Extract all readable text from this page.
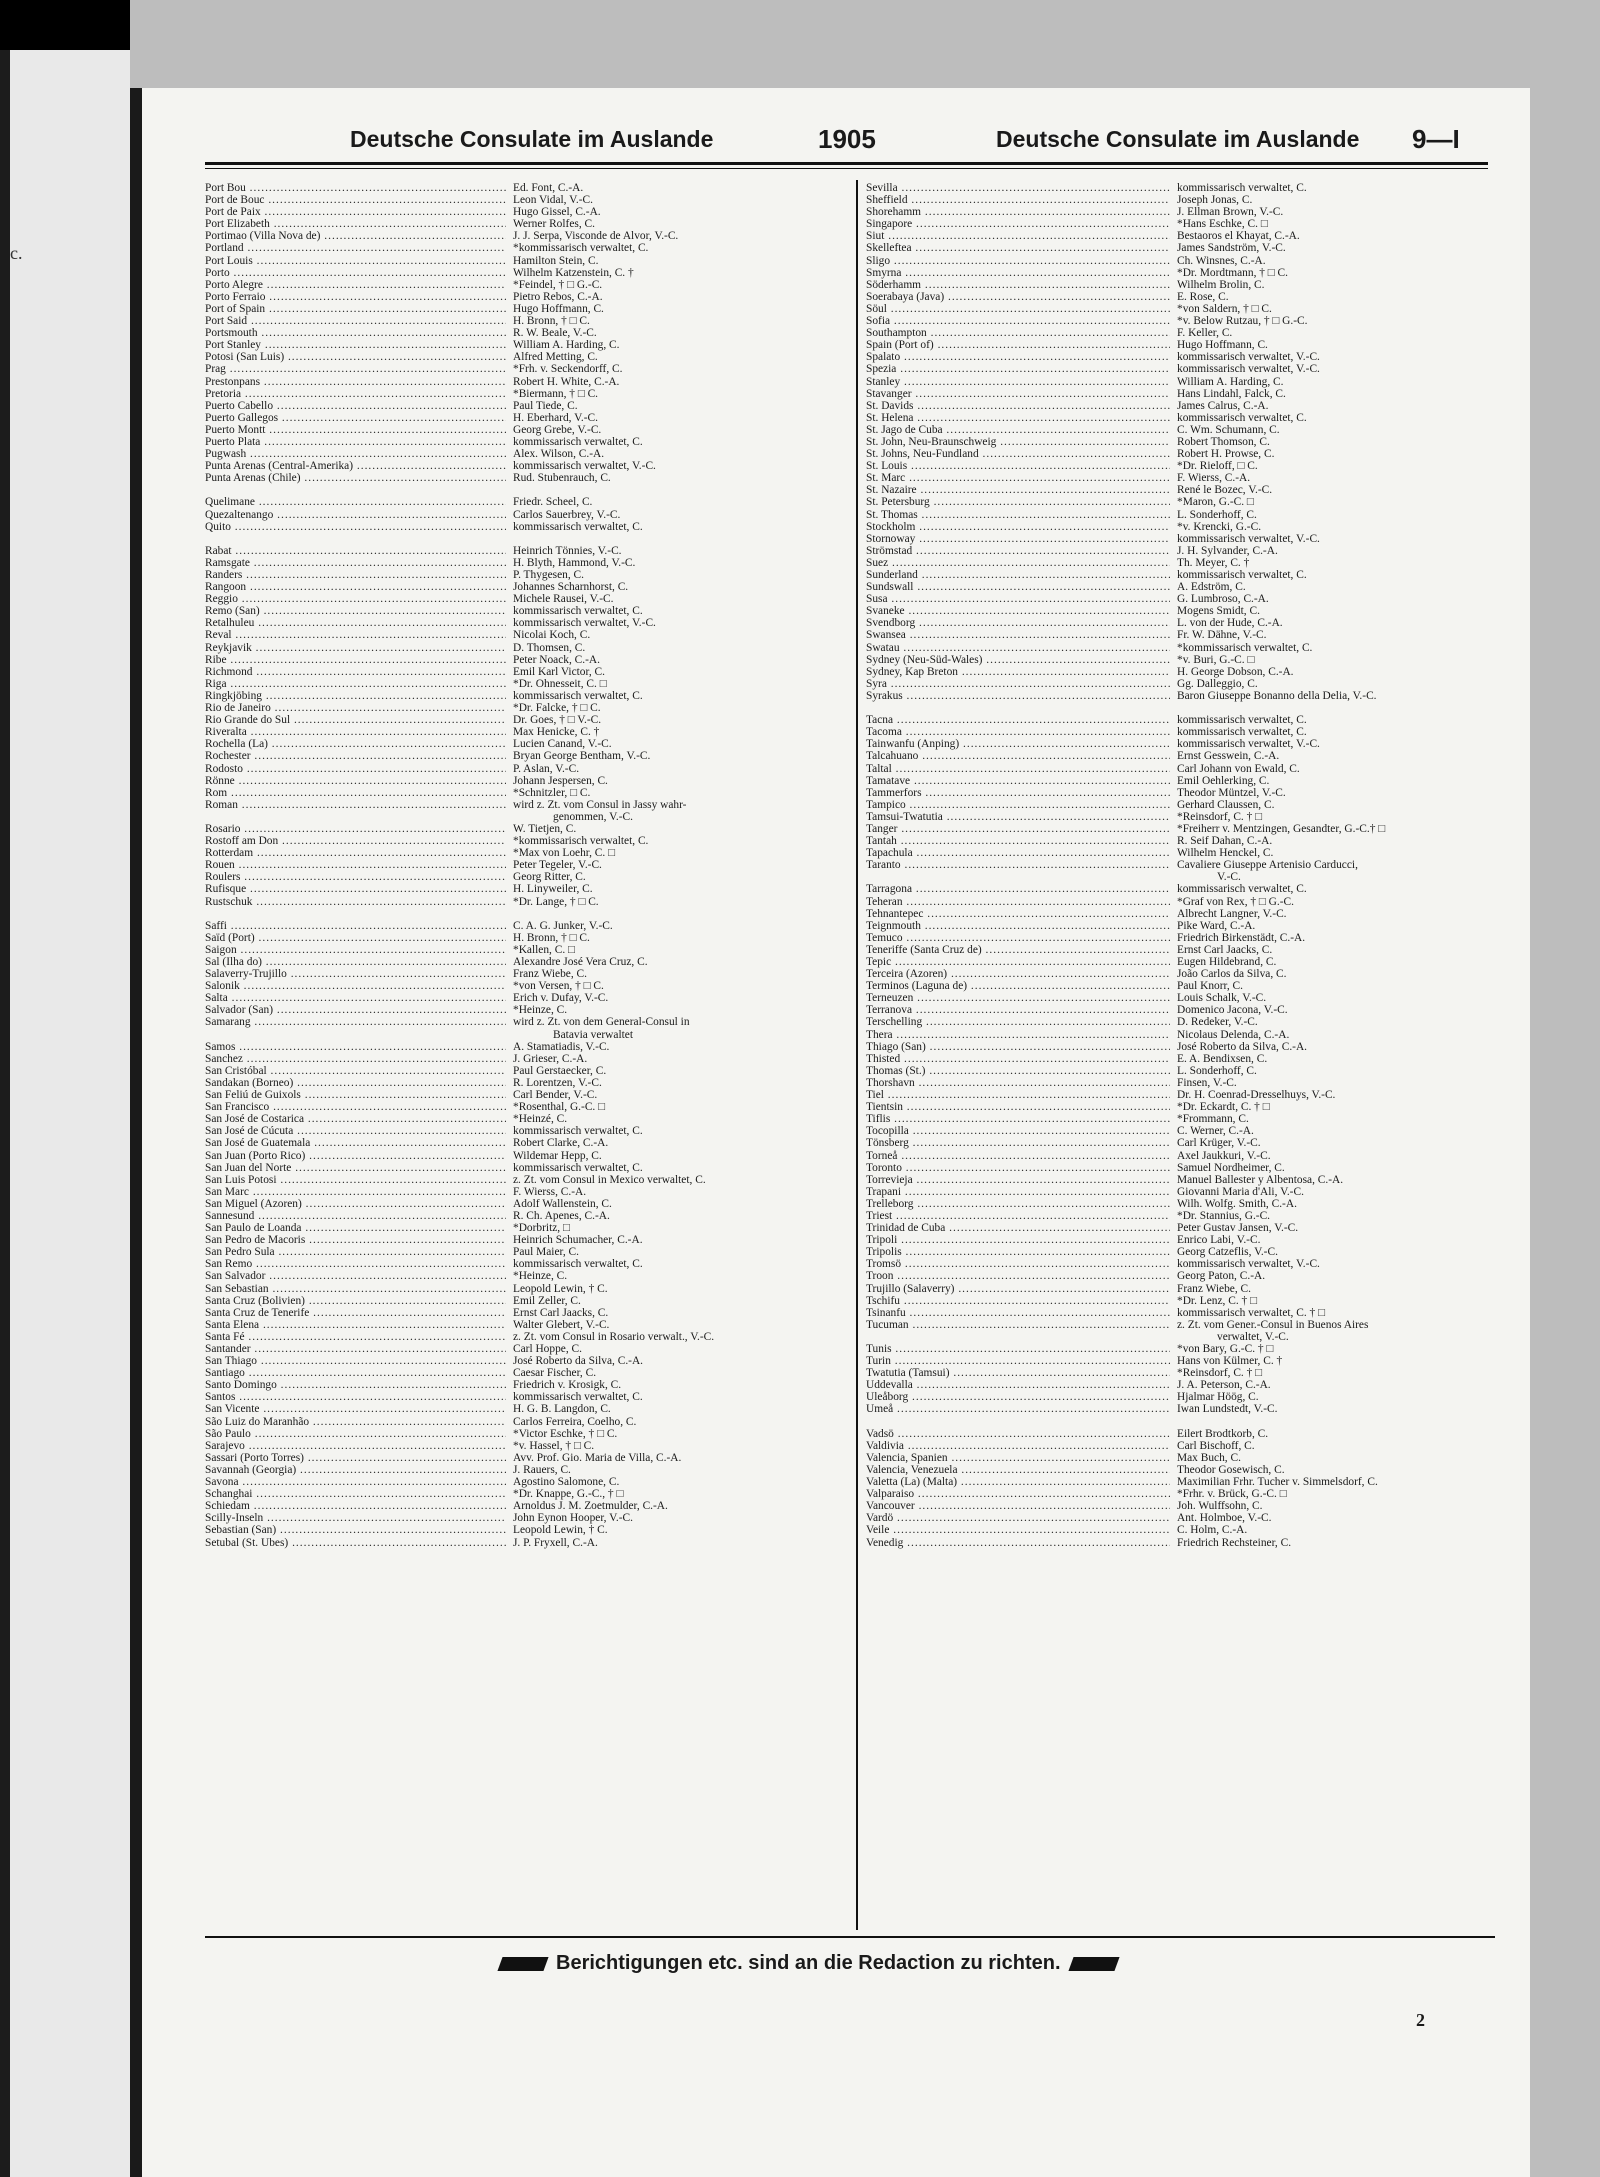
c.
Deutsche Consulate im Auslande	1905	Deutsche Consulate im Auslande 9—I
Port Bou .....	Ed. Font, C.-A.
Port de Bouc .....	Leon Vidal, V.-C.
Port de Paix .....	Hugo Gissel, C.-A.
Port Elizabeth .....	Werner Rolfes, C.
Portimao (Villa Nova de) .....	J. J. Serpa, Visconde de Alvor, V.-C.
Portland .....	*kommissarisch verwaltet, C.
Port Louis .....	Hamilton Stein, C.
Porto .....	Wilhelm Katzenstein, C. †
Porto Alegre .....	*Feindel, † □ G.-C.
Porto Ferraio .....	Pietro Rebos, C.-A.
Port of Spain .....	Hugo Hoffmann, C.
Port Said .....	H. Bronn, † □ C.
Portsmouth .....	R. W. Beale, V.-C.
Port Stanley .....	William A. Harding, C.
Potosi (San Luis) .....	Alfred Metting, C.
Prag .....	*Frh. v. Seckendorff, C.
Prestonpans .....	Robert H. White, C.-A.
Pretoria .....	*Biermann, † □ C.
Puerto Cabello .....	Paul Tiede, C.
Puerto Gallegos .....	H. Eberhard, V.-C.
Puerto Montt .....	Georg Grebe, V.-C.
Puerto Plata .....	kommissarisch verwaltet, C.
Pugwash .....	Alex. Wilson, C.-A.
Punta Arenas (Central-Amerika) .....	kommissarisch verwaltet, V.-C.
Punta Arenas (Chile) .....	Rud. Stubenrauch, C.
Quelimane .....	Friedr. Scheel, C.
Quezaltenango .....	Carlos Sauerbrey, V.-C.
Quito .....	kommissarisch verwaltet, C.
Rabat .....	Heinrich Tönnies, V.-C.
Ramsgate .....	H. Blyth, Hammond, V.-C.
Randers .....	P. Thygesen, C.
Rangoon .....	Johannes Scharnhorst, C.
Reggio .....	Michele Rausei, V.-C.
Remo (San) .....	kommissarisch verwaltet, C.
Retalhuleu .....	kommissarisch verwaltet, V.-C.
Reval .....	Nicolai Koch, C.
Reykjavik .....	D. Thomsen, C.
Ribe .....	Peter Noack, C.-A.
Richmond .....	Emil Karl Victor, C.
Riga .....	*Dr. Ohnesseit, C. □
Ringkjöbing .....	kommissarisch verwaltet, C.
Rio de Janeiro .....	*Dr. Falcke, † □ C.
Rio Grande do Sul .....	Dr. Goes, † □ V.-C.
Riveralta .....	Max Henicke, C. †
Rochella (La) .....	Lucien Canand, V.-C.
Rochester .....	Bryan George Bentham, V.-C.
Rodosto .....	P. Aslan, V.-C.
Rönne .....	Johann Jespersen, C.
Rom .....	*Schnitzler, □ C.
Roman .....	wird z. Zt. vom Consul in Jassy wahr-
genommen, V.-C.
Rosario .....	W. Tietjen, C.
Rostoff am Don .....	*kommissarisch verwaltet, C.
Rotterdam .....	*Max von Loehr, C. □
Rouen .....	Peter Tegeler, V.-C.
Roulers .....	Georg Ritter, C.
Rufisque .....	H. Linyweiler, C.
Rustschuk .....	*Dr. Lange, † □ C.
Saffi .....	C. A. G. Junker, V.-C.
Saïd (Port) .....	H. Bronn, † □ C.
Saigon .....	*Kallen, C. □
Sal (Ilha do) .....	Alexandre José Vera Cruz, C.
Salaverry-Trujillo .....	Franz Wiebe, C.
Salonik .....	*von Versen, † □ C.
Salta .....	Erich v. Dufay, V.-C.
Salvador (San) .....	*Heinze, C.
Samarang .....	wird z. Zt. von dem General-Consul in
Batavia verwaltet
Samos .....	A. Stamatiadis, V.-C.
Sanchez .....	J. Grieser, C.-A.
San Cristóbal .....	Paul Gerstaecker, C.
Sandakan (Borneo) .....	R. Lorentzen, V.-C.
San Feliú de Guixols .....	Carl Bender, V.-C.
San Francisco .....	*Rosenthal, G.-C. □
San José de Costarica .....	*Heinzé, C.
San José de Cúcuta .....	kommissarisch verwaltet, C.
San José de Guatemala .....	Robert Clarke, C.-A.
San Juan (Porto Rico) .....	Wildemar Hepp, C.
San Juan del Norte .....	kommissarisch verwaltet, C.
San Luis Potosi .....	z. Zt. vom Consul in Mexico verwaltet, C.
San Marc .....	F. Wierss, C.-A.
San Miguel (Azoren) .....	Adolf Wallenstein, C.
Sannesund .....	R. Ch. Apenes, C.-A.
San Paulo de Loanda .....	*Dorbritz, □
San Pedro de Macoris .....	Heinrich Schumacher, C.-A.
San Pedro Sula .....	Paul Maier, C.
San Remo .....	kommissarisch verwaltet, C.
San Salvador .....	*Heinze, C.
San Sebastian .....	Leopold Lewin, † C.
Santa Cruz (Bolivien) .....	Emil Zeller, C.
Santa Cruz de Tenerife .....	Ernst Carl Jaacks, C.
Santa Elena .....	Walter Glebert, V.-C.
Santa Fé .....	z. Zt. vom Consul in Rosario verwalt., V.-C.
Santander .....	Carl Hoppe, C.
San Thiago .....	José Roberto da Silva, C.-A.
Santiago .....	Caesar Fischer, C.
Santo Domingo .....	Friedrich v. Krosigk, C.
Santos .....	kommissarisch verwaltet, C.
San Vicente .....	H. G. B. Langdon, C.
São Luiz do Maranhão .....	Carlos Ferreira, Coelho, C.
São Paulo .....	*Victor Eschke, † □ C.
Sarajevo .....	*v. Hassel, † □ C.
Sassari (Porto Torres) .....	Avv. Prof. Gio. Maria de Villa, C.-A.
Savannah (Georgia) .....	J. Rauers, C.
Savona .....	Agostino Salomone, C.
Schanghai .....	*Dr. Knappe, G.-C., † □
Schiedam .....	Arnoldus J. M. Zoetmulder, C.-A.
Scilly-Inseln .....	John Eynon Hooper, V.-C.
Sebastian (San) .....	Leopold Lewin, † C.
Setubal (St. Ubes) .....	J. P. Fryxell, C.-A.
Sevilla .....	kommissarisch verwaltet, C.
Sheffield .....	Joseph Jonas, C.
Shorehamm .....	J. Ellman Brown, V.-C.
Singapore .....	*Hans Eschke, C. □
Siut .....	Bestaoros el Khayat, C.-A.
Skelleftea .....	James Sandström, V.-C.
Sligo .....	Ch. Winsnes, C.-A.
Smyrna .....	*Dr. Mordtmann, † □ C.
Söderhamm .....	Wilhelm Brolin, C.
Soerabaya (Java) .....	E. Rose, C.
Söul .....	*von Saldern, † □ C.
Sofia .....	*v. Below Rutzau, † □ G.-C.
Southampton .....	F. Keller, C.
Spain (Port of) .....	Hugo Hoffmann, C.
Spalato .....	kommissarisch verwaltet, V.-C.
Spezia .....	kommissarisch verwaltet, V.-C.
Stanley .....	William A. Harding, C.
Stavanger .....	Hans Lindahl, Falck, C.
St. Davids .....	James Calrus, C.-A.
St. Helena .....	kommissarisch verwaltet, C.
St. Jago de Cuba .....	C. Wm. Schumann, C.
St. John, Neu-Braunschweig .....	Robert Thomson, C.
St. Johns, Neu-Fundland .....	Robert H. Prowse, C.
St. Louis .....	*Dr. Rieloff, □ C.
St. Marc .....	F. Wierss, C.-A.
St. Nazaire .....	René le Bozec, V.-C.
St. Petersburg .....	*Maron, G.-C. □
St. Thomas .....	L. Sonderhoff, C.
Stockholm .....	*v. Krencki, G.-C.
Stornoway .....	kommissarisch verwaltet, V.-C.
Strömstad .....	J. H. Sylvander, C.-A.
Suez .....	Th. Meyer, C. †
Sunderland .....	kommissarisch verwaltet, C.
Sundswall .....	A. Edström, C.
Susa .....	G. Lumbroso, C.-A.
Svaneke .....	Mogens Smidt, C.
Svendborg .....	L. von der Hude, C.-A.
Swansea .....	Fr. W. Dähne, V.-C.
Swatau .....	*kommissarisch verwaltet, C.
Sydney (Neu-Süd-Wales) .....	*v. Buri, G.-C. □
Sydney, Kap Breton .....	H. George Dobson, C.-A.
Syra .....	Gg. Dalleggio, C.
Syrakus .....	Baron Giuseppe Bonanno della Delia, V.-C.
Tacna .....	kommissarisch verwaltet, C.
Tacoma .....	kommissarisch verwaltet, C.
Tainwanfu (Anping) .....	kommissarisch verwaltet, V.-C.
Talcahuano .....	Ernst Gesswein, C.-A.
Taltal .....	Carl Johann von Ewald, C.
Tamatave .....	Emil Oehlerking, C.
Tammerfors .....	Theodor Müntzel, V.-C.
Tampico .....	Gerhard Claussen, C.
Tamsui-Twatutia .....	*Reinsdorf, C. † □
Tanger .....	*Freiherr v. Mentzingen, Gesandter, G.-C.† □
Tantah .....	R. Seif Dahan, C.-A.
Tapachula .....	Wilhelm Henckel, C.
Taranto .....	Cavaliere Giuseppe Artenisio Carducci,
V.-C.
Tarragona .....	kommissarisch verwaltet, C.
Teheran .....	*Graf von Rex, † □ G.-C.
Tehnantepec .....	Albrecht Langner, V.-C.
Teignmouth .....	Pike Ward, C.-A.
Temuco .....	Friedrich Birkenstädt, C.-A.
Teneriffe (Santa Cruz de) .....	Ernst Carl Jaacks, C.
Tepic .....	Eugen Hildebrand, C.
Terceira (Azoren) .....	João Carlos da Silva, C.
Terminos (Laguna de) .....	Paul Knorr, C.
Terneuzen .....	Louis Schalk, V.-C.
Terranova .....	Domenico Jacona, V.-C.
Terschelling .....	D. Redeker, V.-C.
Thera .....	Nicolaus Delenda, C.-A.
Thiago (San) .....	José Roberto da Silva, C.-A.
Thisted .....	E. A. Bendixsen, C.
Thomas (St.) .....	L. Sonderhoff, C.
Thorshavn .....	Finsen, V.-C.
Tiel .....	Dr. H. Coenrad-Dresselhuys, V.-C.
Tientsin .....	*Dr. Eckardt, C. † □
Tiflis .....	*Frommann, C.
Tocopilla .....	C. Werner, C.-A.
Tönsberg .....	Carl Krüger, V.-C.
Torneå .....	Axel Jaukkuri, V.-C.
Toronto .....	Samuel Nordheimer, C.
Torrevieja .....	Manuel Ballester y Albentosa, C.-A.
Trapani .....	Giovanni Maria d'Ali, V.-C.
Trelleborg .....	Wilh. Wolfg. Smith, C.-A.
Triest .....	*Dr. Stannius, G.-C.
Trinidad de Cuba .....	Peter Gustav Jansen, V.-C.
Tripoli .....	Enrico Labi, V.-C.
Tripolis .....	Georg Catzeflis, V.-C.
Tromsö .....	kommissarisch verwaltet, V.-C.
Troon .....	Georg Paton, C.-A.
Trujillo (Salaverry) .....	Franz Wiebe, C.
Tschifu .....	*Dr. Lenz, C. † □
Tsinanfu .....	kommissarisch verwaltet, C. † □
Tucuman .....	z. Zt. vom Gener.-Consul in Buenos Aires
verwaltet, V.-C.
Tunis .....	*von Bary, G.-C. † □
Turin .....	Hans von Külmer, C. †
Twatutia (Tamsui) .....	*Reinsdorf, C. † □
Uddevalla .....	J. A. Peterson, C.-A.
Uleåborg .....	Hjalmar Höög, C.
Umeå .....	Iwan Lundstedt, V.-C.
Vadsö .....	Eilert Brodtkorb, C.
Valdivia .....	Carl Bischoff, C.
Valencia, Spanien .....	Max Buch, C.
Valencia, Venezuela .....	Theodor Gosewisch, C.
Valetta (La) (Malta) .....	Maximilian Frhr. Tucher v. Simmelsdorf, C.
Valparaiso .....	*Frhr. v. Brück, G.-C. □
Vancouver .....	Joh. Wulffsohn, C.
Vardö .....	Ant. Holmboe, V.-C.
Veile .....	C. Holm, C.-A.
Venedig .....	Friedrich Rechsteiner, C.
Berichtigungen etc. sind an die Redaction zu richten.
2
